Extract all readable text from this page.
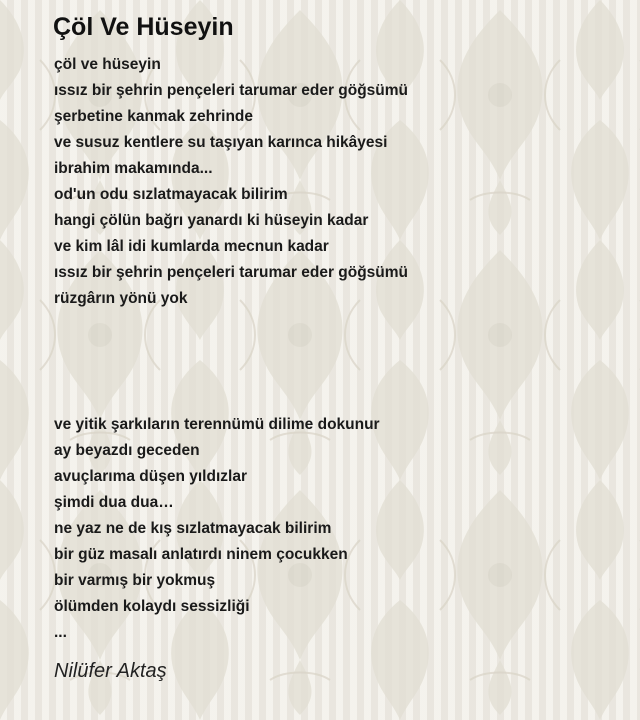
Çöl Ve Hüseyin
çöl ve hüseyin
ıssız bir şehrin pençeleri tarumar eder göğsümü
şerbetine kanmak zehrinde
ve susuz kentlere su taşıyan karınca hikâyesi
ibrahim makamında...
od'un odu sızlatmayacak bilirim
hangi çölün bağrı yanardı ki hüseyin kadar
ve kim lâl idi kumlarda mecnun kadar
ıssız bir şehrin pençeleri tarumar eder göğsümü
rüzgârın yönü yok
ve yitik şarkıların terennümü dilime dokunur
ay beyazdı geceden
avuçlarıma düşen yıldızlar
şimdi dua dua…
ne yaz ne de kış sızlatmayacak bilirim
bir güz masalı anlatırdı ninem çocukken
bir varmış bir yokmuş
ölümden kolaydı sessizliği
...
Nilüfer Aktaş
